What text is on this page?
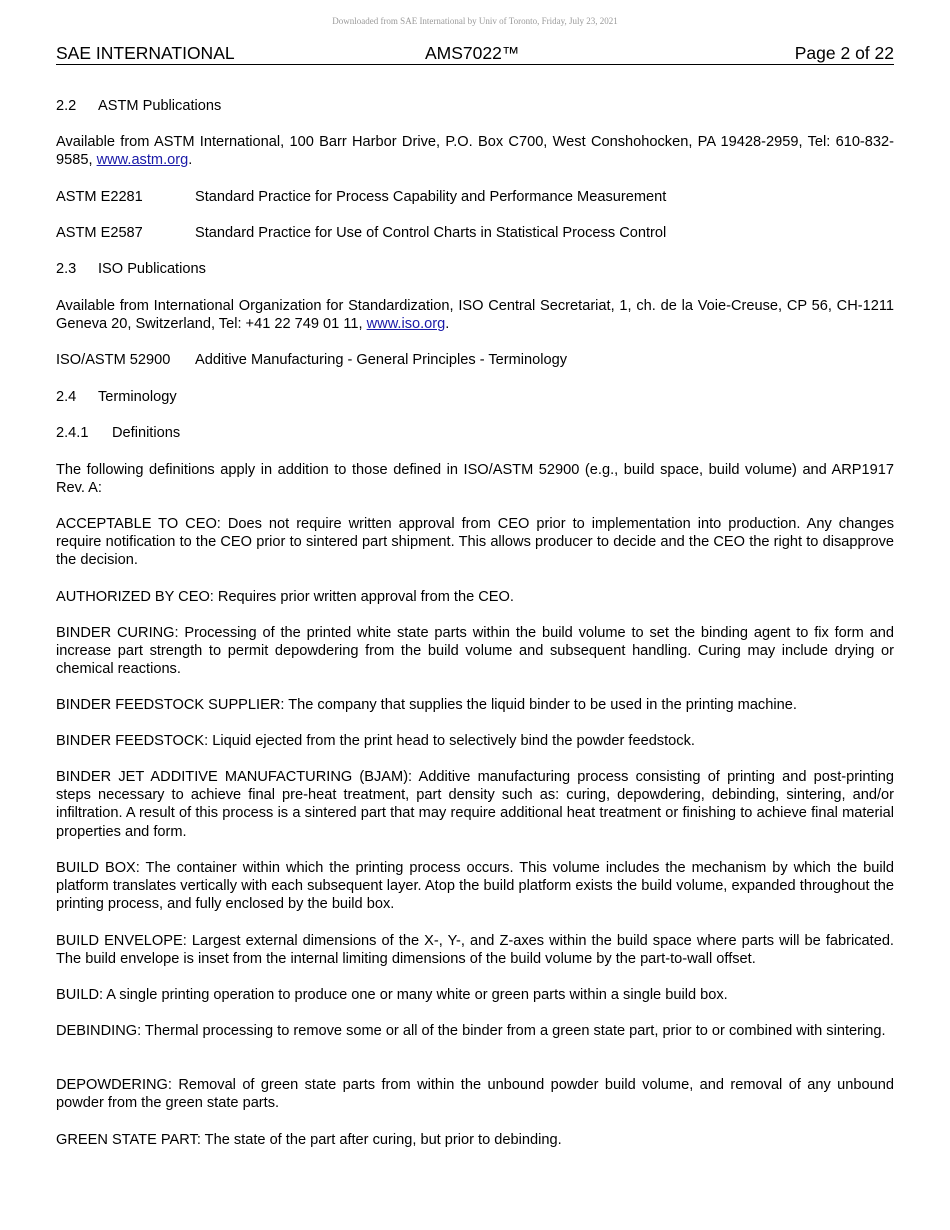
Downloaded from SAE International by Univ of Toronto, Friday, July 23, 2021
SAE INTERNATIONAL	AMS7022™	Page 2 of 22
2.2 ASTM Publications
Available from ASTM International, 100 Barr Harbor Drive, P.O. Box C700, West Conshohocken, PA 19428-2959, Tel: 610-832-9585, www.astm.org.
ASTM E2281	Standard Practice for Process Capability and Performance Measurement
ASTM E2587	Standard Practice for Use of Control Charts in Statistical Process Control
2.3 ISO Publications
Available from International Organization for Standardization, ISO Central Secretariat, 1, ch. de la Voie-Creuse, CP 56, CH-1211 Geneva 20, Switzerland, Tel: +41 22 749 01 11, www.iso.org.
ISO/ASTM 52900 Additive Manufacturing - General Principles - Terminology
2.4 Terminology
2.4.1 Definitions
The following definitions apply in addition to those defined in ISO/ASTM 52900 (e.g., build space, build volume) and ARP1917 Rev. A:
ACCEPTABLE TO CEO: Does not require written approval from CEO prior to implementation into production. Any changes require notification to the CEO prior to sintered part shipment. This allows producer to decide and the CEO the right to disapprove the decision.
AUTHORIZED BY CEO: Requires prior written approval from the CEO.
BINDER CURING: Processing of the printed white state parts within the build volume to set the binding agent to fix form and increase part strength to permit depowdering from the build volume and subsequent handling. Curing may include drying or chemical reactions.
BINDER FEEDSTOCK SUPPLIER: The company that supplies the liquid binder to be used in the printing machine.
BINDER FEEDSTOCK: Liquid ejected from the print head to selectively bind the powder feedstock.
BINDER JET ADDITIVE MANUFACTURING (BJAM): Additive manufacturing process consisting of printing and post-printing steps necessary to achieve final pre-heat treatment, part density such as: curing, depowdering, debinding, sintering, and/or infiltration. A result of this process is a sintered part that may require additional heat treatment or finishing to achieve final material properties and form.
BUILD BOX: The container within which the printing process occurs. This volume includes the mechanism by which the build platform translates vertically with each subsequent layer. Atop the build platform exists the build volume, expanded throughout the printing process, and fully enclosed by the build box.
BUILD ENVELOPE: Largest external dimensions of the X-, Y-, and Z-axes within the build space where parts will be fabricated. The build envelope is inset from the internal limiting dimensions of the build volume by the part-to-wall offset.
BUILD: A single printing operation to produce one or many white or green parts within a single build box.
DEBINDING: Thermal processing to remove some or all of the binder from a green state part, prior to or combined with sintering.
DEPOWDERING: Removal of green state parts from within the unbound powder build volume, and removal of any unbound powder from the green state parts.
GREEN STATE PART: The state of the part after curing, but prior to debinding.
